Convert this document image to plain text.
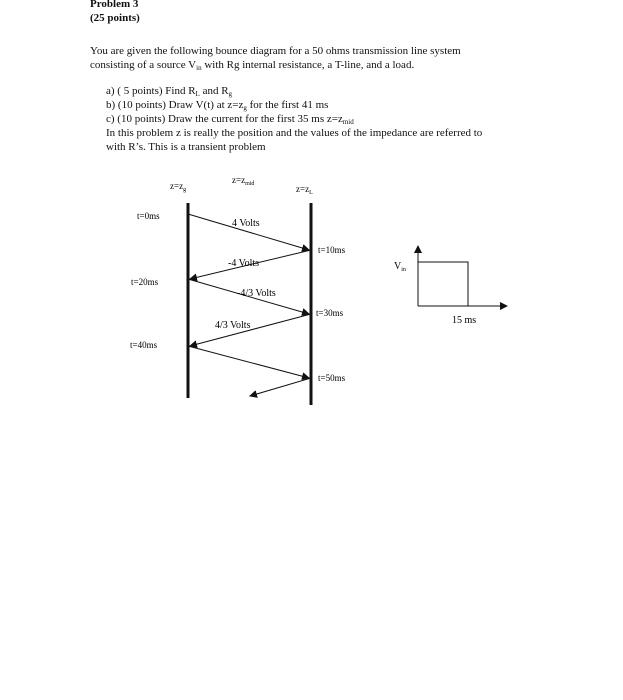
Problem 3
(25 points)
You are given the following bounce diagram for a 50 ohms transmission line system
consisting of a source $V_{in}$ with Rg internal resistance, a T-line, and a load.
a) ( 5 points) Find $R_L$ and $R_g$
b) (10 points) Draw V(t) at $z=z_g$ for the first 41 ms
c) (10 points) Draw the current for the first 35 ms $z=z_{mid}$
In this problem z is really the position and the values of the impedance are referred to
with R’s. This is a transient problem
$z=z_g$
$z=z_{mid}$	$z=z_L$
t=0ms
t=20ms
t=40ms
t=10ms
t=30ms
t=50ms
4 Volts
-4 Volts
-4/3 Volts
4/3 Volts
$V_{in}$
15 ms
